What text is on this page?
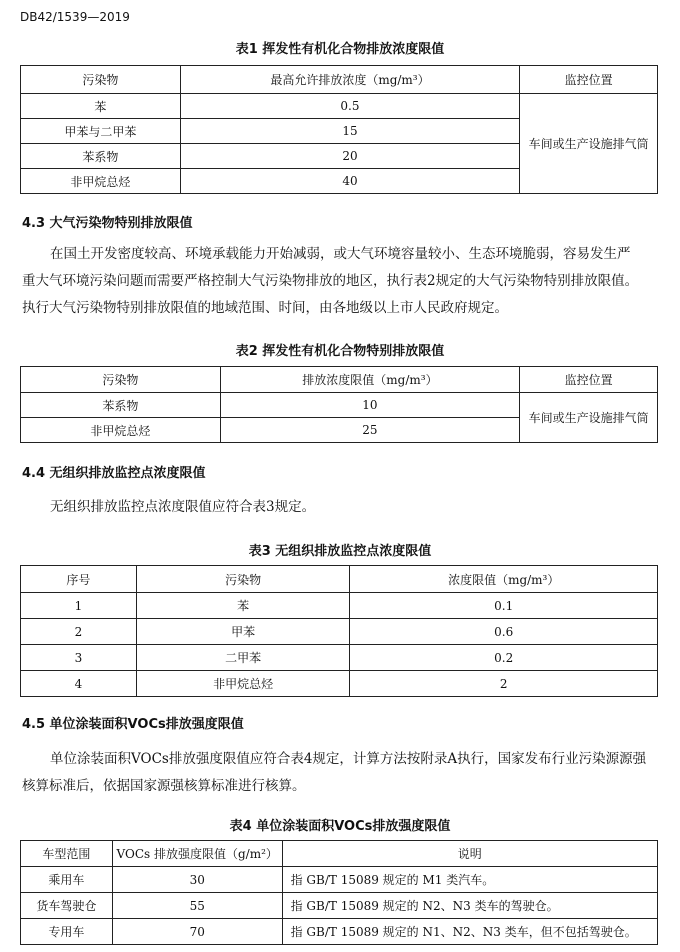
DB42/1539—2019
表1 挥发性有机化合物排放浓度限值
污染物	最高允许排放浓度（mg/m³）	监控位置
苯	0.5	车间或生产设施排气筒
甲苯与二甲苯	15	
苯系物	20	
非甲烷总烃	40	
4.3 大气污染物特别排放限值
在国土开发密度较高、环境承载能力开始减弱，或大气环境容量较小、生态环境脆弱，容易发生严
重大气环境污染问题而需要严格控制大气污染物排放的地区，执行表2规定的大气污染物特别排放限值。
执行大气污染物特别排放限值的地域范围、时间，由各地级以上市人民政府规定。
表2 挥发性有机化合物特别排放限值
污染物	排放浓度限值（mg/m³）	监控位置
苯系物	10	车间或生产设施排气筒
非甲烷总烃	25	
4.4 无组织排放监控点浓度限值
无组织排放监控点浓度限值应符合表3规定。
表3 无组织排放监控点浓度限值
序号	污染物	浓度限值（mg/m³）
1	苯	0.1
2	甲苯	0.6
3	二甲苯	0.2
4	非甲烷总烃	2
4.5 单位涂装面积VOCs排放强度限值
单位涂装面积VOCs排放强度限值应符合表4规定，计算方法按附录A执行，国家发布行业污染源源强
核算标准后，依据国家源强核算标准进行核算。
表4 单位涂装面积VOCs排放强度限值
车型范围	VOCs 排放强度限值（g/m²）	说明
乘用车	30	指 GB/T 15089 规定的 M1 类汽车。
货车驾驶仓	55	指 GB/T 15089 规定的 N2、N3 类车的驾驶仓。
专用车	70	指 GB/T 15089 规定的 N1、N2、N3 类车，但不包括驾驶仓。
